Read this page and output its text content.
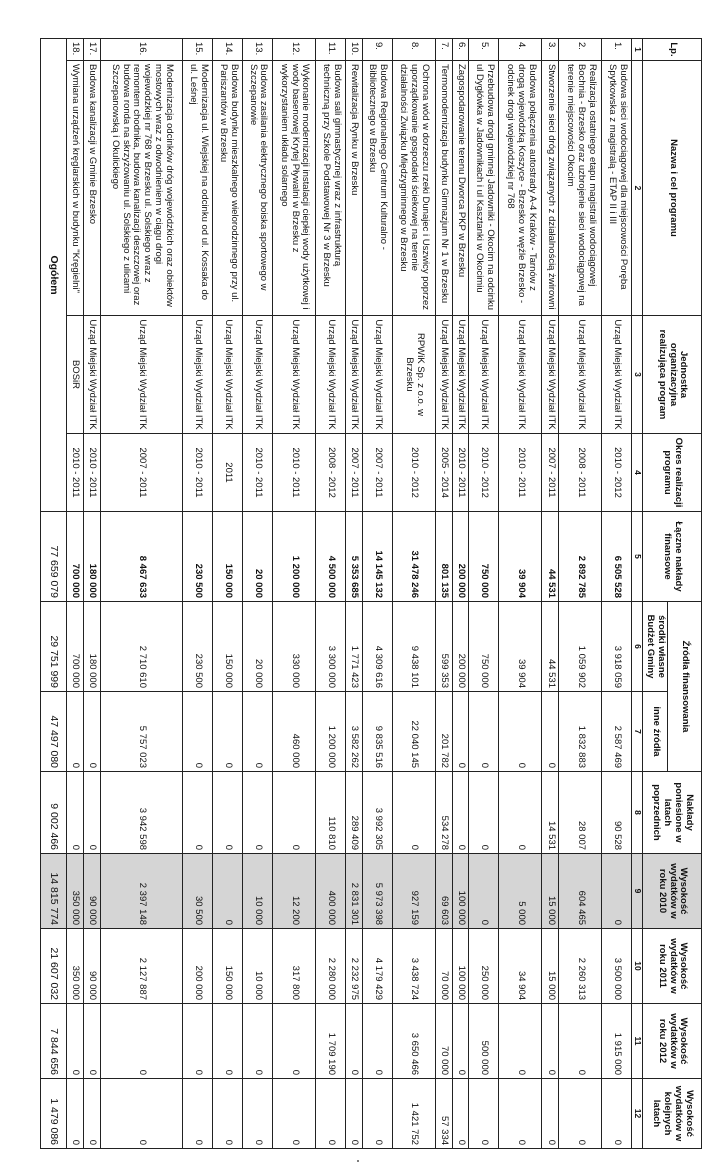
Lp.	Nazwa i cel programu	Jednostka organizacyjna realizująca program	Okres realizacji programu	Łączne nakłady finansowe	Źródła finansowania		Nakłady poniesione w latach poprzednich	Wysokość wydatków w roku 2010	Wysokość wydatków w roku 2011	Wysokość wydatków w roku 2012	Wysokość wydatków w kolejnych latach
					środki własne Budżet Gminy	inne źródła					
1	2	3	4	5	6	7	8	9	10	11	12
1.	Budowa sieci wodociągowej dla miejscowości Poręba Spytkowska z magistralą - ETAP II i III	Urząd Miejski Wydział ITK	2010 - 2012	6 505 528	3 918 059	2 587 469	90 528	0	3 500 000	1 915 000	0
2.	Realizacja ostatniego etapu magistrali wodociągowej Bochnia - Brzesko oraz uzbrojenie sieci wodociągowej na terenie miejscowości Okocim	Urząd Miejski Wydział ITK	2008 - 2011	2 892 785	1 059 902	1 832 883	28 007	604 465	2 260 313	0	0
3.	Stworzenie sieci dróg związanych z działalnością żwirowni	Urząd Miejski Wydział ITK	2007 - 2011	44 531	44 531	0	14 531	15 000	15 000	0	0
4.	Budowa połączenia autostrady A-4 Kraków - Tarnów z drogą wojewódzką Koszyce - Brzesko w węźle Brzesko - odcinek drogi wojewódzkiej nr 768	Urząd Miejski Wydział ITK	2010 - 2011	39 904	39 904	0	0	5 000	34 904	0	0
5.	Przebudowa drogi gminnej Jadowniki - Okocim na odcinku ul Dygłówka w Jadownikach i ul Kasztanki w Okocimiu	Urząd Miejski Wydział ITK	2010 - 2012	750 000	750 000	0	0	0	250 000	500 000	0
6.	Zagospodarowanie terenu Dworca PKP w Brzesku	Urząd Miejski Wydział ITK	2010 - 2011	200 000	200 000	0	0	100 000	100 000	0	0
7.	Termomodernizacja budynku Gimnazjum Nr 1 w Brzesku	Urząd Miejski Wydział ITK	2005 - 2014	801 135	599 353	201 782	534 278	69 603	70 000	70 000	57 334
8.	Ochrona wód w dorzeczu rzeki Dunajec i Uszwicy poprzez uporządkowanie gospodarki ściekowej na terenie działalności Związku Międzygminnego w Brzesku	RPWiK Sp. z o.o. w Brzesku	2010 - 2012	31 478 246	9 438 101	22 040 145	0	927 159	3 438 724	3 650 466	1 421 752
9.	Budowa Regionalnego Centrum Kulturalno - Bibliotecznego w Brzesku	Urząd Miejski Wydział ITK	2007 - 2011	14 145 132	4 309 616	9 835 516	3 992 305	5 973 398	4 179 429	0	0
10.	Rewitalizacja Rynku w Brzesku	Urząd Miejski Wydział ITK	2007 - 2011	5 353 685	1 771 423	3 582 262	289 409	2 831 301	2 232 975	0	0
11.	Budowa sali gimnastycznej wraz z infrastrukturą techniczną przy Szkole Podstawowej Nr 3 w Brzesku	Urząd Miejski Wydział ITK	2008 - 2012	4 500 000	3 300 000	1 200 000	110 810	400 000	2 280 000	1 709 190	0
12.	Wykonanie modernizacji instalacji ciepłej wody użytkowej i wody basenowej Krytej Pływalni w Brzesku z wykorzystaniem układu solarnego	Urząd Miejski Wydział ITK	2010 - 2011	1 200 000	330 000	460 000	0	12 200	317 800	0	0
13.	Budowa zasilania elektrycznego boiska sportowego w Szczepanowie	Urząd Miejski Wydział ITK	2010 - 2011	20 000	20 000	0	0	10 000	10 000	0	0
14.	Budowa budynku mieszkalnego wielorodzinnego przy ul. Pariszantów w Brzesku	Urząd Miejski Wydział ITK	2011	150 000	150 000	0	0	0	150 000	0	0
15.	Modernizacja ul. Wiejskiej na odcinku od ul. Kossaka do ul. Leśnej	Urząd Miejski Wydział ITK	2010 - 2011	230 500	230 500	0	0	30 500	200 000	0	0
16.	Modernizacja odcinków dróg wojewódzkich oraz obiektów mostowych wraz z odwodnieniem w ciągu drogi wojewódzkiej nr 768 w Brzesku ul. Solskiego wraz z remontem chodnika, budowa kanalizacji deszczowej oraz budowa ronda na skrzyżowaniu ul. Solskiego z ulicami Szczepanowską i Okulickiego	Urząd Miejski Wydział ITK	2007 - 2011	8 467 633	2 710 610	5 757 023	3 942 598	2 397 148	2 127 887	0	0
17.	Budowa kanalizacji w Gminie Brzesko	Urząd Miejski Wydział ITK	2010 - 2011	180 000	180 000	0	0	90 000	90 000	0	0
18.	Wymiana urządzeń kręglarskich w budynku "Kręgielni"	BOSiR	2010 - 2011	700 000	700 000	0	0	350 000	350 000	0	0
Ogółem				77 659 079	29 751 999	47 497 080	9 002 466	14 815 774	21 607 032	7 844 656	1 479 086
